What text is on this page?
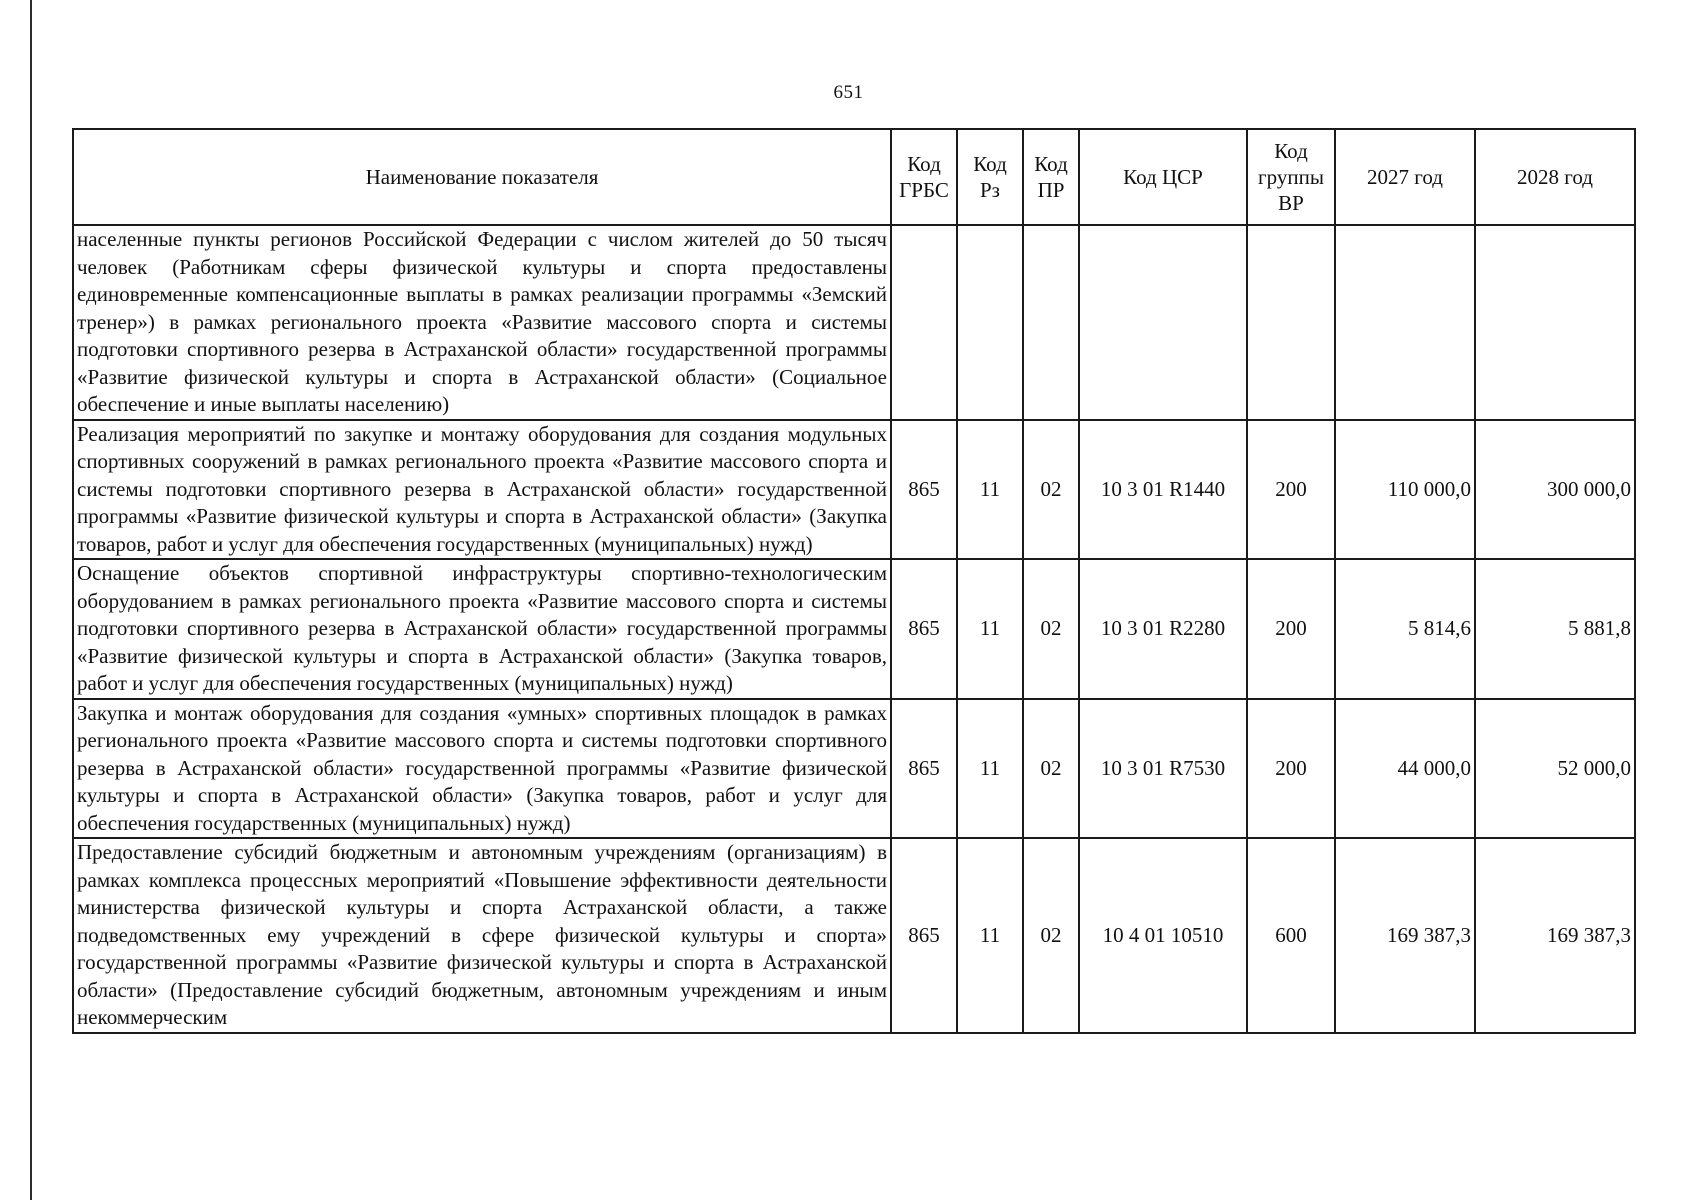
651
Наименование показателя	Код ГРБС	Код Рз	Код ПР	Код ЦСР	Код группы ВР	2027 год	2028 год
населенные пункты регионов Российской Федерации с числом жителей до 50 тысяч человек (Работникам сферы физической культуры и спорта предоставлены единовременные компенсационные выплаты в рамках реализации программы «Земский тренер») в рамках регионального проекта «Развитие массового спорта и системы подготовки спортивного резерва в Астраханской области» государственной программы «Развитие физической культуры и спорта в Астраханской области» (Социальное обеспечение и иные выплаты населению)							
Реализация мероприятий по закупке и монтажу оборудования для создания модульных спортивных сооружений в рамках регионального проекта «Развитие массового спорта и системы подготовки спортивного резерва в Астраханской области» государственной программы «Развитие физической культуры и спорта в Астраханской области» (Закупка товаров, работ и услуг для обеспечения государственных (муниципальных) нужд)	865	11	02	10 3 01 R1440	200	110 000,0	300 000,0
Оснащение объектов спортивной инфраструктуры спортивно-технологическим оборудованием в рамках регионального проекта «Развитие массового спорта и системы подготовки спортивного резерва в Астраханской области» государственной программы «Развитие физической культуры и спорта в Астраханской области» (Закупка товаров, работ и услуг для обеспечения государственных (муниципальных) нужд)	865	11	02	10 3 01 R2280	200	5 814,6	5 881,8
Закупка и монтаж оборудования для создания «умных» спортивных площадок в рамках регионального проекта «Развитие массового спорта и системы подготовки спортивного резерва в Астраханской области» государственной программы «Развитие физической культуры и спорта в Астраханской области» (Закупка товаров, работ и услуг для обеспечения государственных (муниципальных) нужд)	865	11	02	10 3 01 R7530	200	44 000,0	52 000,0
Предоставление субсидий бюджетным и автономным учреждениям (организациям) в рамках комплекса процессных мероприятий «Повышение эффективности деятельности министерства физической культуры и спорта Астраханской области, а также подведомственных ему учреждений в сфере физической культуры и спорта» государственной программы «Развитие физической культуры и спорта в Астраханской области» (Предоставление субсидий бюджетным, автономным учреждениям и иным некоммерческим	865	11	02	10 4 01 10510	600	169 387,3	169 387,3
